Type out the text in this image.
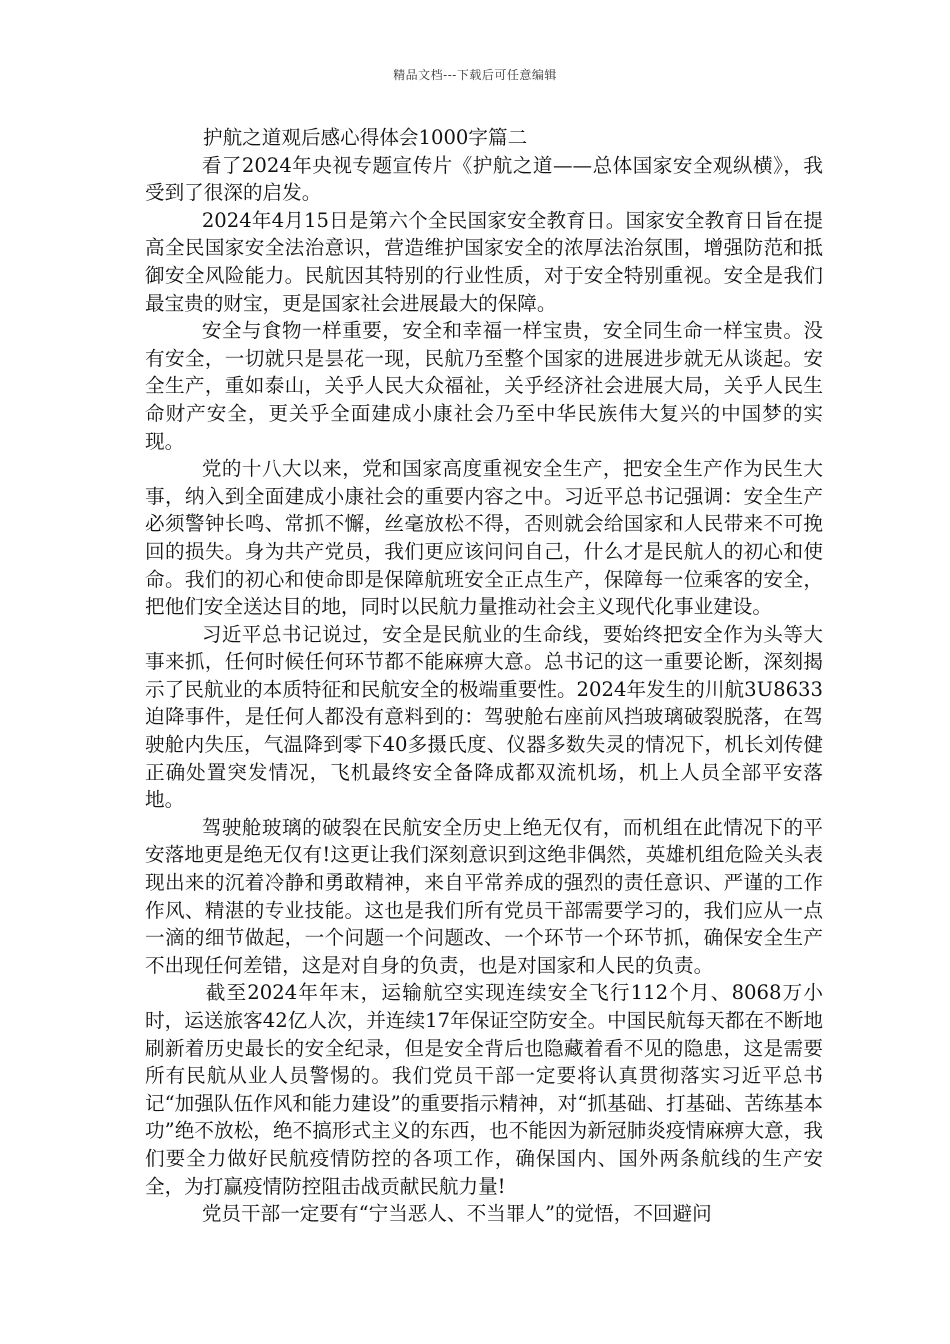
精品文档---下载后可任意编辑

护航之道观后感心得体会1000字篇二

看了2024年央视专题宣传片《护航之道——总体国家安全观纵横》，我受到了很深的启发。

2024年4月15日是第六个全民国家安全教育日。国家安全教育日旨在提高全民国家安全法治意识，营造维护国家安全的浓厚法治氛围，增强防范和抵御安全风险能力。民航因其特别的行业性质，对于安全特别重视。安全是我们最宝贵的财宝，更是国家社会进展最大的保障。

安全与食物一样重要，安全和幸福一样宝贵，安全同生命一样宝贵。没有安全，一切就只是昙花一现，民航乃至整个国家的进展进步就无从谈起。安全生产，重如泰山，关乎人民大众福祉，关乎经济社会进展大局，关乎人民生命财产安全，更关乎全面建成小康社会乃至中华民族伟大复兴的中国梦的实现。

党的十八大以来，党和国家高度重视安全生产，把安全生产作为民生大事，纳入到全面建成小康社会的重要内容之中。习近平总书记强调：安全生产必须警钟长鸣、常抓不懈，丝毫放松不得，否则就会给国家和人民带来不可挽回的损失。身为共产党员，我们更应该问问自己，什么才是民航人的初心和使命。我们的初心和使命即是保障航班安全正点生产，保障每一位乘客的安全，把他们安全送达目的地，同时以民航力量推动社会主义现代化事业建设。

习近平总书记说过，安全是民航业的生命线，要始终把安全作为头等大事来抓，任何时候任何环节都不能麻痹大意。总书记的这一重要论断，深刻揭示了民航业的本质特征和民航安全的极端重要性。2024年发生的川航3U8633迫降事件，是任何人都没有意料到的：驾驶舱右座前风挡玻璃破裂脱落，在驾驶舱内失压，气温降到零下40多摄氏度、仪器多数失灵的情况下，机长刘传健正确处置突发情况，飞机最终安全备降成都双流机场，机上人员全部平安落地。

驾驶舱玻璃的破裂在民航安全历史上绝无仅有，而机组在此情况下的平安落地更是绝无仅有!这更让我们深刻意识到这绝非偶然，英雄机组危险关头表现出来的沉着冷静和勇敢精神，来自平常养成的强烈的责任意识、严谨的工作作风、精湛的专业技能。这也是我们所有党员干部需要学习的，我们应从一点一滴的细节做起，一个问题一个问题改、一个环节一个环节抓，确保安全生产不出现任何差错，这是对自身的负责，也是对国家和人民的负责。

截至2024年年末，运输航空实现连续安全飞行112个月、8068万小时，运送旅客42亿人次，并连续17年保证空防安全。中国民航每天都在不断地刷新着历史最长的安全纪录，但是安全背后也隐藏着看不见的隐患，这是需要所有民航从业人员警惕的。我们党员干部一定要将认真贯彻落实习近平总书记“加强队伍作风和能力建设”的重要指示精神，对“抓基础、打基础、苦练基本功”绝不放松，绝不搞形式主义的东西，也不能因为新冠肺炎疫情麻痹大意，我们要全力做好民航疫情防控的各项工作，确保国内、国外两条航线的生产安全，为打赢疫情防控阻击战贡献民航力量!

党员干部一定要有“宁当恶人、不当罪人”的觉悟，不回避问
